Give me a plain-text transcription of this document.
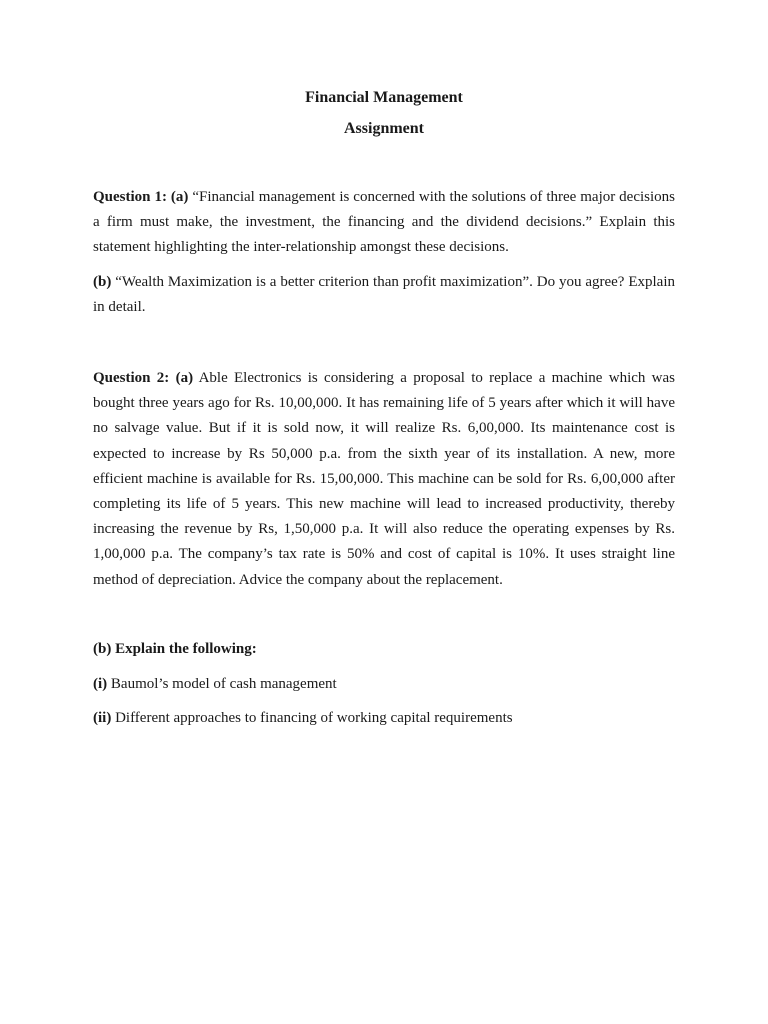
Financial Management
Assignment

Question 1: (a) “Financial management is concerned with the solutions of three major decisions a firm must make, the investment, the financing and the dividend decisions.” Explain this statement highlighting the inter-relationship amongst these decisions.

(b) “Wealth Maximization is a better criterion than profit maximization”. Do you agree? Explain in detail.

Question 2: (a) Able Electronics is considering a proposal to replace a machine which was bought three years ago for Rs. 10,00,000. It has remaining life of 5 years after which it will have no salvage value. But if it is sold now, it will realize Rs. 6,00,000. Its maintenance cost is expected to increase by Rs 50,000 p.a. from the sixth year of its installation. A new, more efficient machine is available for Rs. 15,00,000. This machine can be sold for Rs. 6,00,000 after completing its life of 5 years. This new machine will lead to increased productivity, thereby increasing the revenue by Rs, 1,50,000 p.a. It will also reduce the operating expenses by Rs. 1,00,000 p.a. The company’s tax rate is 50% and cost of capital is 10%. It uses straight line method of depreciation. Advice the company about the replacement.

(b) Explain the following:

(i) Baumol’s model of cash management

(ii) Different approaches to financing of working capital requirements
